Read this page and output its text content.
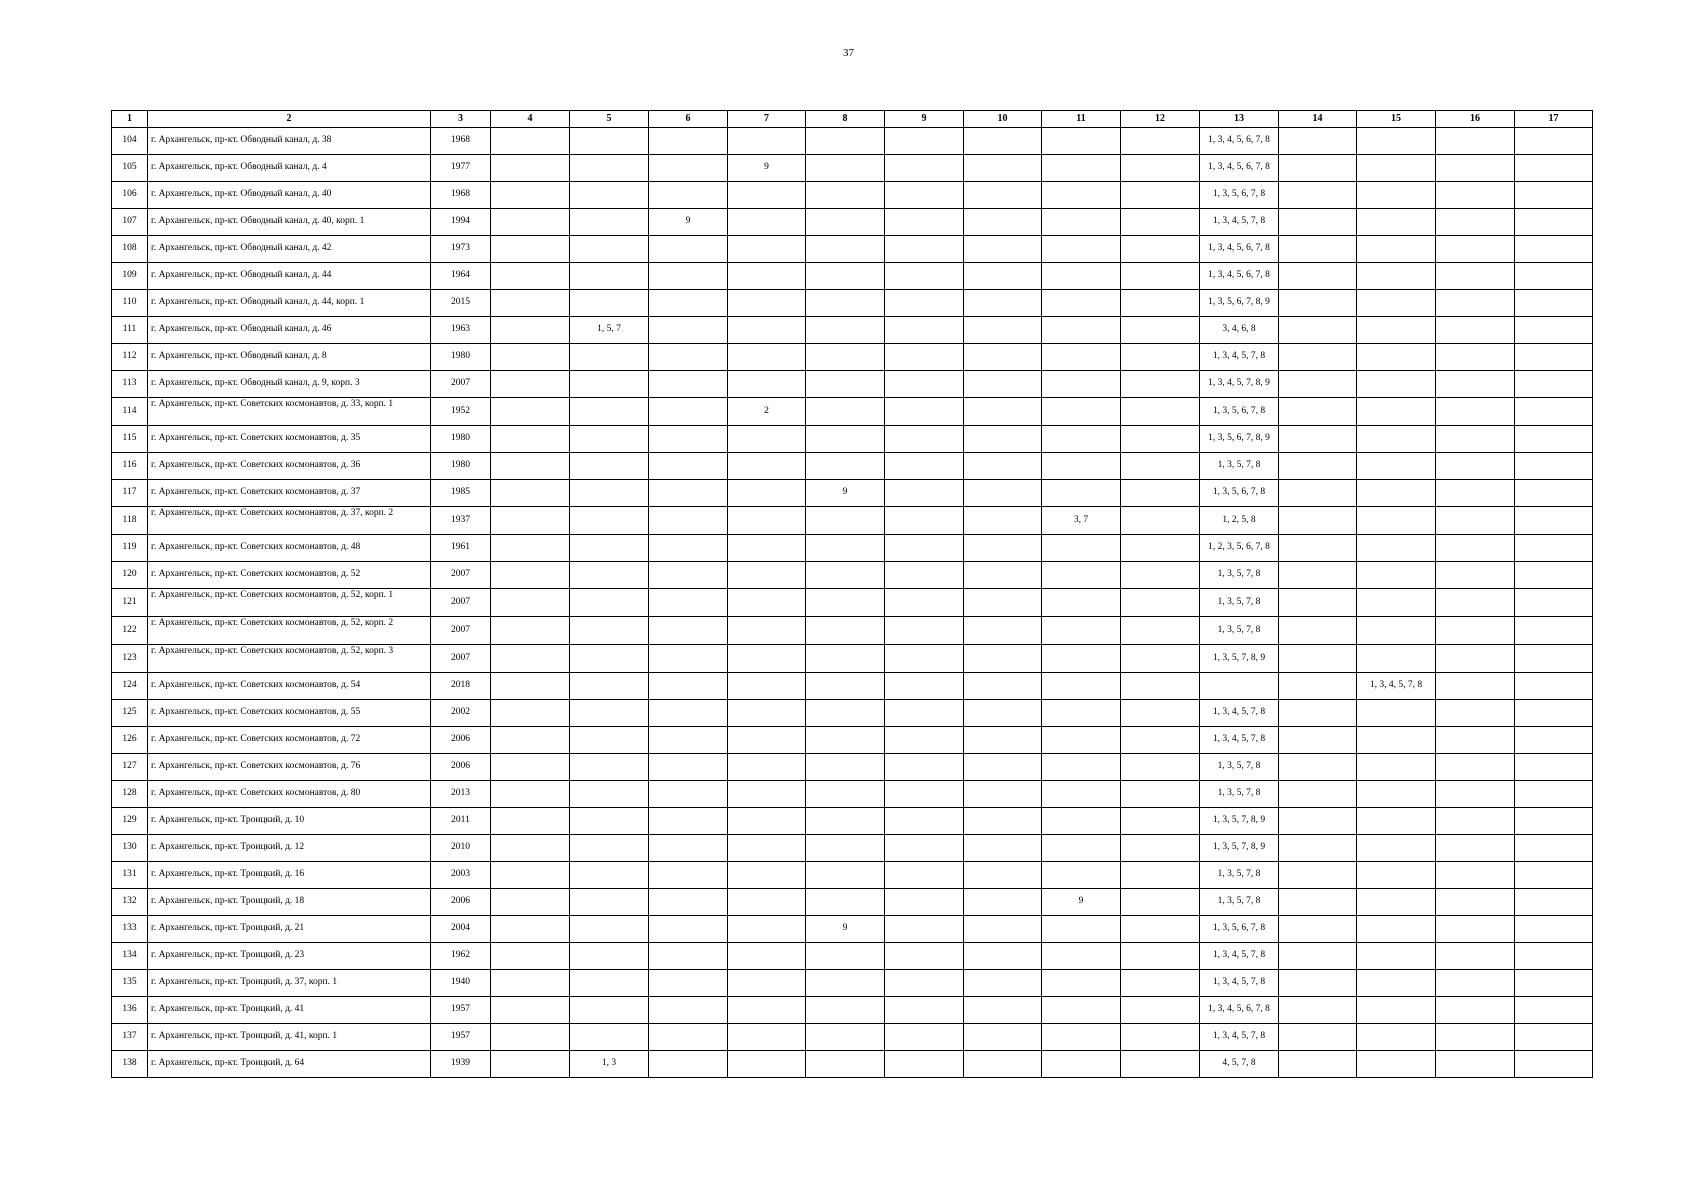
37
1	2	3	4	5	6	7	8	9	10	11	12	13	14	15	16	17
104	г. Архангельск, пр-кт. Обводный канал, д. 38	1968										1, 3, 4, 5, 6, 7, 8				
105	г. Архангельск, пр-кт. Обводный канал, д. 4	1977				9						1, 3, 4, 5, 6, 7, 8				
106	г. Архангельск, пр-кт. Обводный канал, д. 40	1968										1, 3, 5, 6, 7, 8				
107	г. Архангельск, пр-кт. Обводный канал, д. 40, корп. 1	1994			9							1, 3, 4, 5, 7, 8				
108	г. Архангельск, пр-кт. Обводный канал, д. 42	1973										1, 3, 4, 5, 6, 7, 8				
109	г. Архангельск, пр-кт. Обводный канал, д. 44	1964										1, 3, 4, 5, 6, 7, 8				
110	г. Архангельск, пр-кт. Обводный канал, д. 44, корп. 1	2015										1, 3, 5, 6, 7, 8, 9				
111	г. Архангельск, пр-кт. Обводный канал, д. 46	1963		1, 5, 7								3, 4, 6, 8				
112	г. Архангельск, пр-кт. Обводный канал, д. 8	1980										1, 3, 4, 5, 7, 8				
113	г. Архангельск, пр-кт. Обводный канал, д. 9, корп. 3	2007										1, 3, 4, 5, 7, 8, 9				
114	г. Архангельск, пр-кт. Советских космонавтов, д. 33, корп. 1	1952				2						1, 3, 5, 6, 7, 8				
115	г. Архангельск, пр-кт. Советских космонавтов, д. 35	1980										1, 3, 5, 6, 7, 8, 9				
116	г. Архангельск, пр-кт. Советских космонавтов, д. 36	1980										1, 3, 5, 7, 8				
117	г. Архангельск, пр-кт. Советских космонавтов, д. 37	1985					9					1, 3, 5, 6, 7, 8				
118	г. Архангельск, пр-кт. Советских космонавтов, д. 37, корп. 2	1937								3, 7		1, 2, 5, 8				
119	г. Архангельск, пр-кт. Советских космонавтов, д. 48	1961										1, 2, 3, 5, 6, 7, 8				
120	г. Архангельск, пр-кт. Советских космонавтов, д. 52	2007										1, 3, 5, 7, 8				
121	г. Архангельск, пр-кт. Советских космонавтов, д. 52, корп. 1	2007										1, 3, 5, 7, 8				
122	г. Архангельск, пр-кт. Советских космонавтов, д. 52, корп. 2	2007										1, 3, 5, 7, 8				
123	г. Архангельск, пр-кт. Советских космонавтов, д. 52, корп. 3	2007										1, 3, 5, 7, 8, 9				
124	г. Архангельск, пр-кт. Советских космонавтов, д. 54	2018												1, 3, 4, 5, 7, 8		
125	г. Архангельск, пр-кт. Советских космонавтов, д. 55	2002										1, 3, 4, 5, 7, 8				
126	г. Архангельск, пр-кт. Советских космонавтов, д. 72	2006										1, 3, 4, 5, 7, 8				
127	г. Архангельск, пр-кт. Советских космонавтов, д. 76	2006										1, 3, 5, 7, 8				
128	г. Архангельск, пр-кт. Советских космонавтов, д. 80	2013										1, 3, 5, 7, 8				
129	г. Архангельск, пр-кт. Троицкий, д. 10	2011										1, 3, 5, 7, 8, 9				
130	г. Архангельск, пр-кт. Троицкий, д. 12	2010										1, 3, 5, 7, 8, 9				
131	г. Архангельск, пр-кт. Троицкий, д. 16	2003										1, 3, 5, 7, 8				
132	г. Архангельск, пр-кт. Троицкий, д. 18	2006								9		1, 3, 5, 7, 8				
133	г. Архангельск, пр-кт. Троицкий, д. 21	2004					9					1, 3, 5, 6, 7, 8				
134	г. Архангельск, пр-кт. Троицкий, д. 23	1962										1, 3, 4, 5, 7, 8				
135	г. Архангельск, пр-кт. Троицкий, д. 37, корп. 1	1940										1, 3, 4, 5, 7, 8				
136	г. Архангельск, пр-кт. Троицкий, д. 41	1957										1, 3, 4, 5, 6, 7, 8				
137	г. Архангельск, пр-кт. Троицкий, д. 41, корп. 1	1957										1, 3, 4, 5, 7, 8				
138	г. Архангельск, пр-кт. Троицкий, д. 64	1939		1, 3								4, 5, 7, 8				
